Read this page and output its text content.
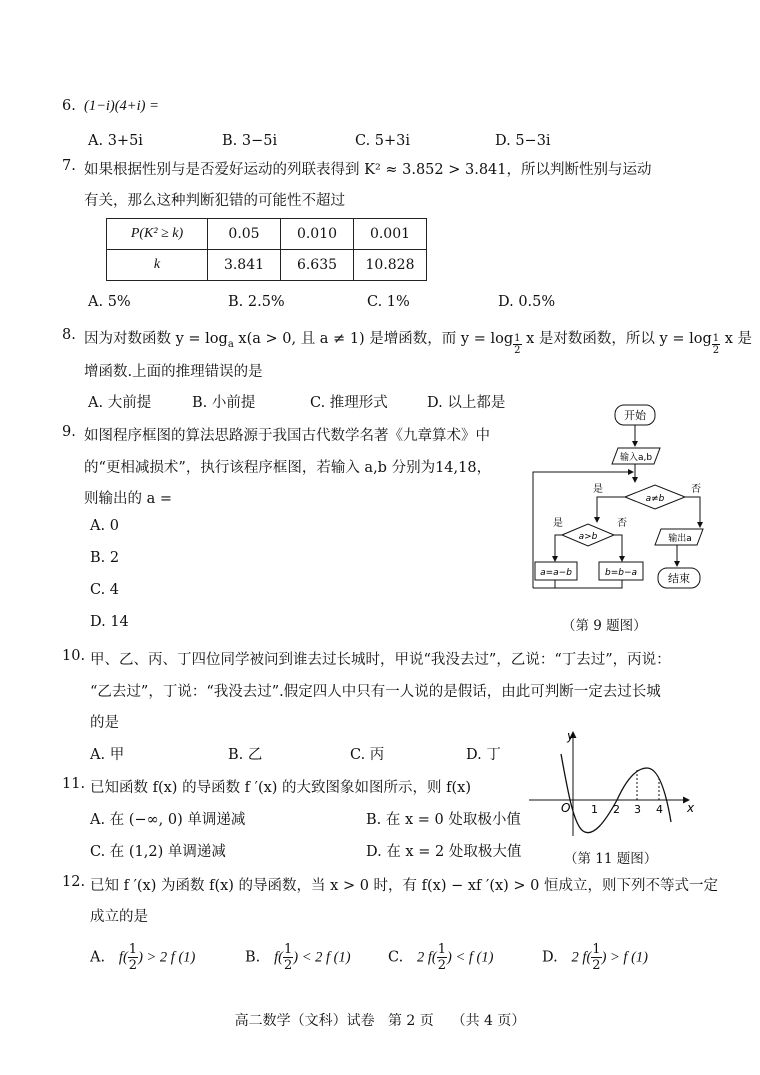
6. (1−i)(4+i) =
A. 3+5i	B. 3−5i	C. 5+3i	D. 5−3i
7. 如果根据性别与是否爱好运动的列联表得到 K² ≈ 3.852 > 3.841，所以判断性别与运动
有关，那么这种判断犯错的可能性不超过
P(K² ≥ k)	0.05	0.010	0.001
k	3.841	6.635	10.828
A. 5%	B. 2.5%	C. 1%	D. 0.5%
8. 因为对数函数 $y = \log_a x(a > 0$, 且 a ≠ 1) 是增函数，而 $y = \log \frac{1}{2}$ x 是对数函数，所以 $y = \log \frac{1}{2}$ x 是
增函数.上面的推理错误的是
A. 大前提	B. 小前提	C. 推理形式	D. 以上都是
9. 如图程序框图的算法思路源于我国古代数学名著《九章算术》中
的“更相减损术”，执行该程序框图，若输入 a,b 分别为14,18，
则输出的 a =
A. 0
B. 2
C. 4
D. 14
开始
输入a,b
a≠b
是	否
a>b
是	否
输出a
结束
a=a−b	b=b−a
（第 9 题图）
10. 甲、乙、丙、丁四位同学被问到谁去过长城时，甲说“我没去过”，乙说：“丁去过”，丙说：
“乙去过”，丁说：“我没去过”.假定四人中只有一人说的是假话，由此可判断一定去过长城
的是
A. 甲	B. 乙	C. 丙	D. 丁
11. 已知函数 f(x) 的导函数 f ′(x) 的大致图象如图所示，则 f(x)
A. 在 (−∞, 0) 单调递减	B. 在 x = 0 处取极小值
C. 在 (1,2) 单调递减	D. 在 x = 2 处取极大值
y
x
O 1 2 3 4
（第 11 题图）
12. 已知 f ′(x) 为函数 f(x) 的导函数，当 x > 0 时，有 f(x) − xf ′(x) > 0 恒成立，则下列不等式一定
成立的是
A. $f( \frac{1}{2}$ ) > 2 f (1)	B. $f( \frac{1}{2}$ ) < 2 f (1)	C. 2 $f( \frac{1}{2}$ ) < f (1)	D. 2 $f( \frac{1}{2}$ ) > f (1)
高二数学（文科）试卷   第 2 页    （共 4 页）
